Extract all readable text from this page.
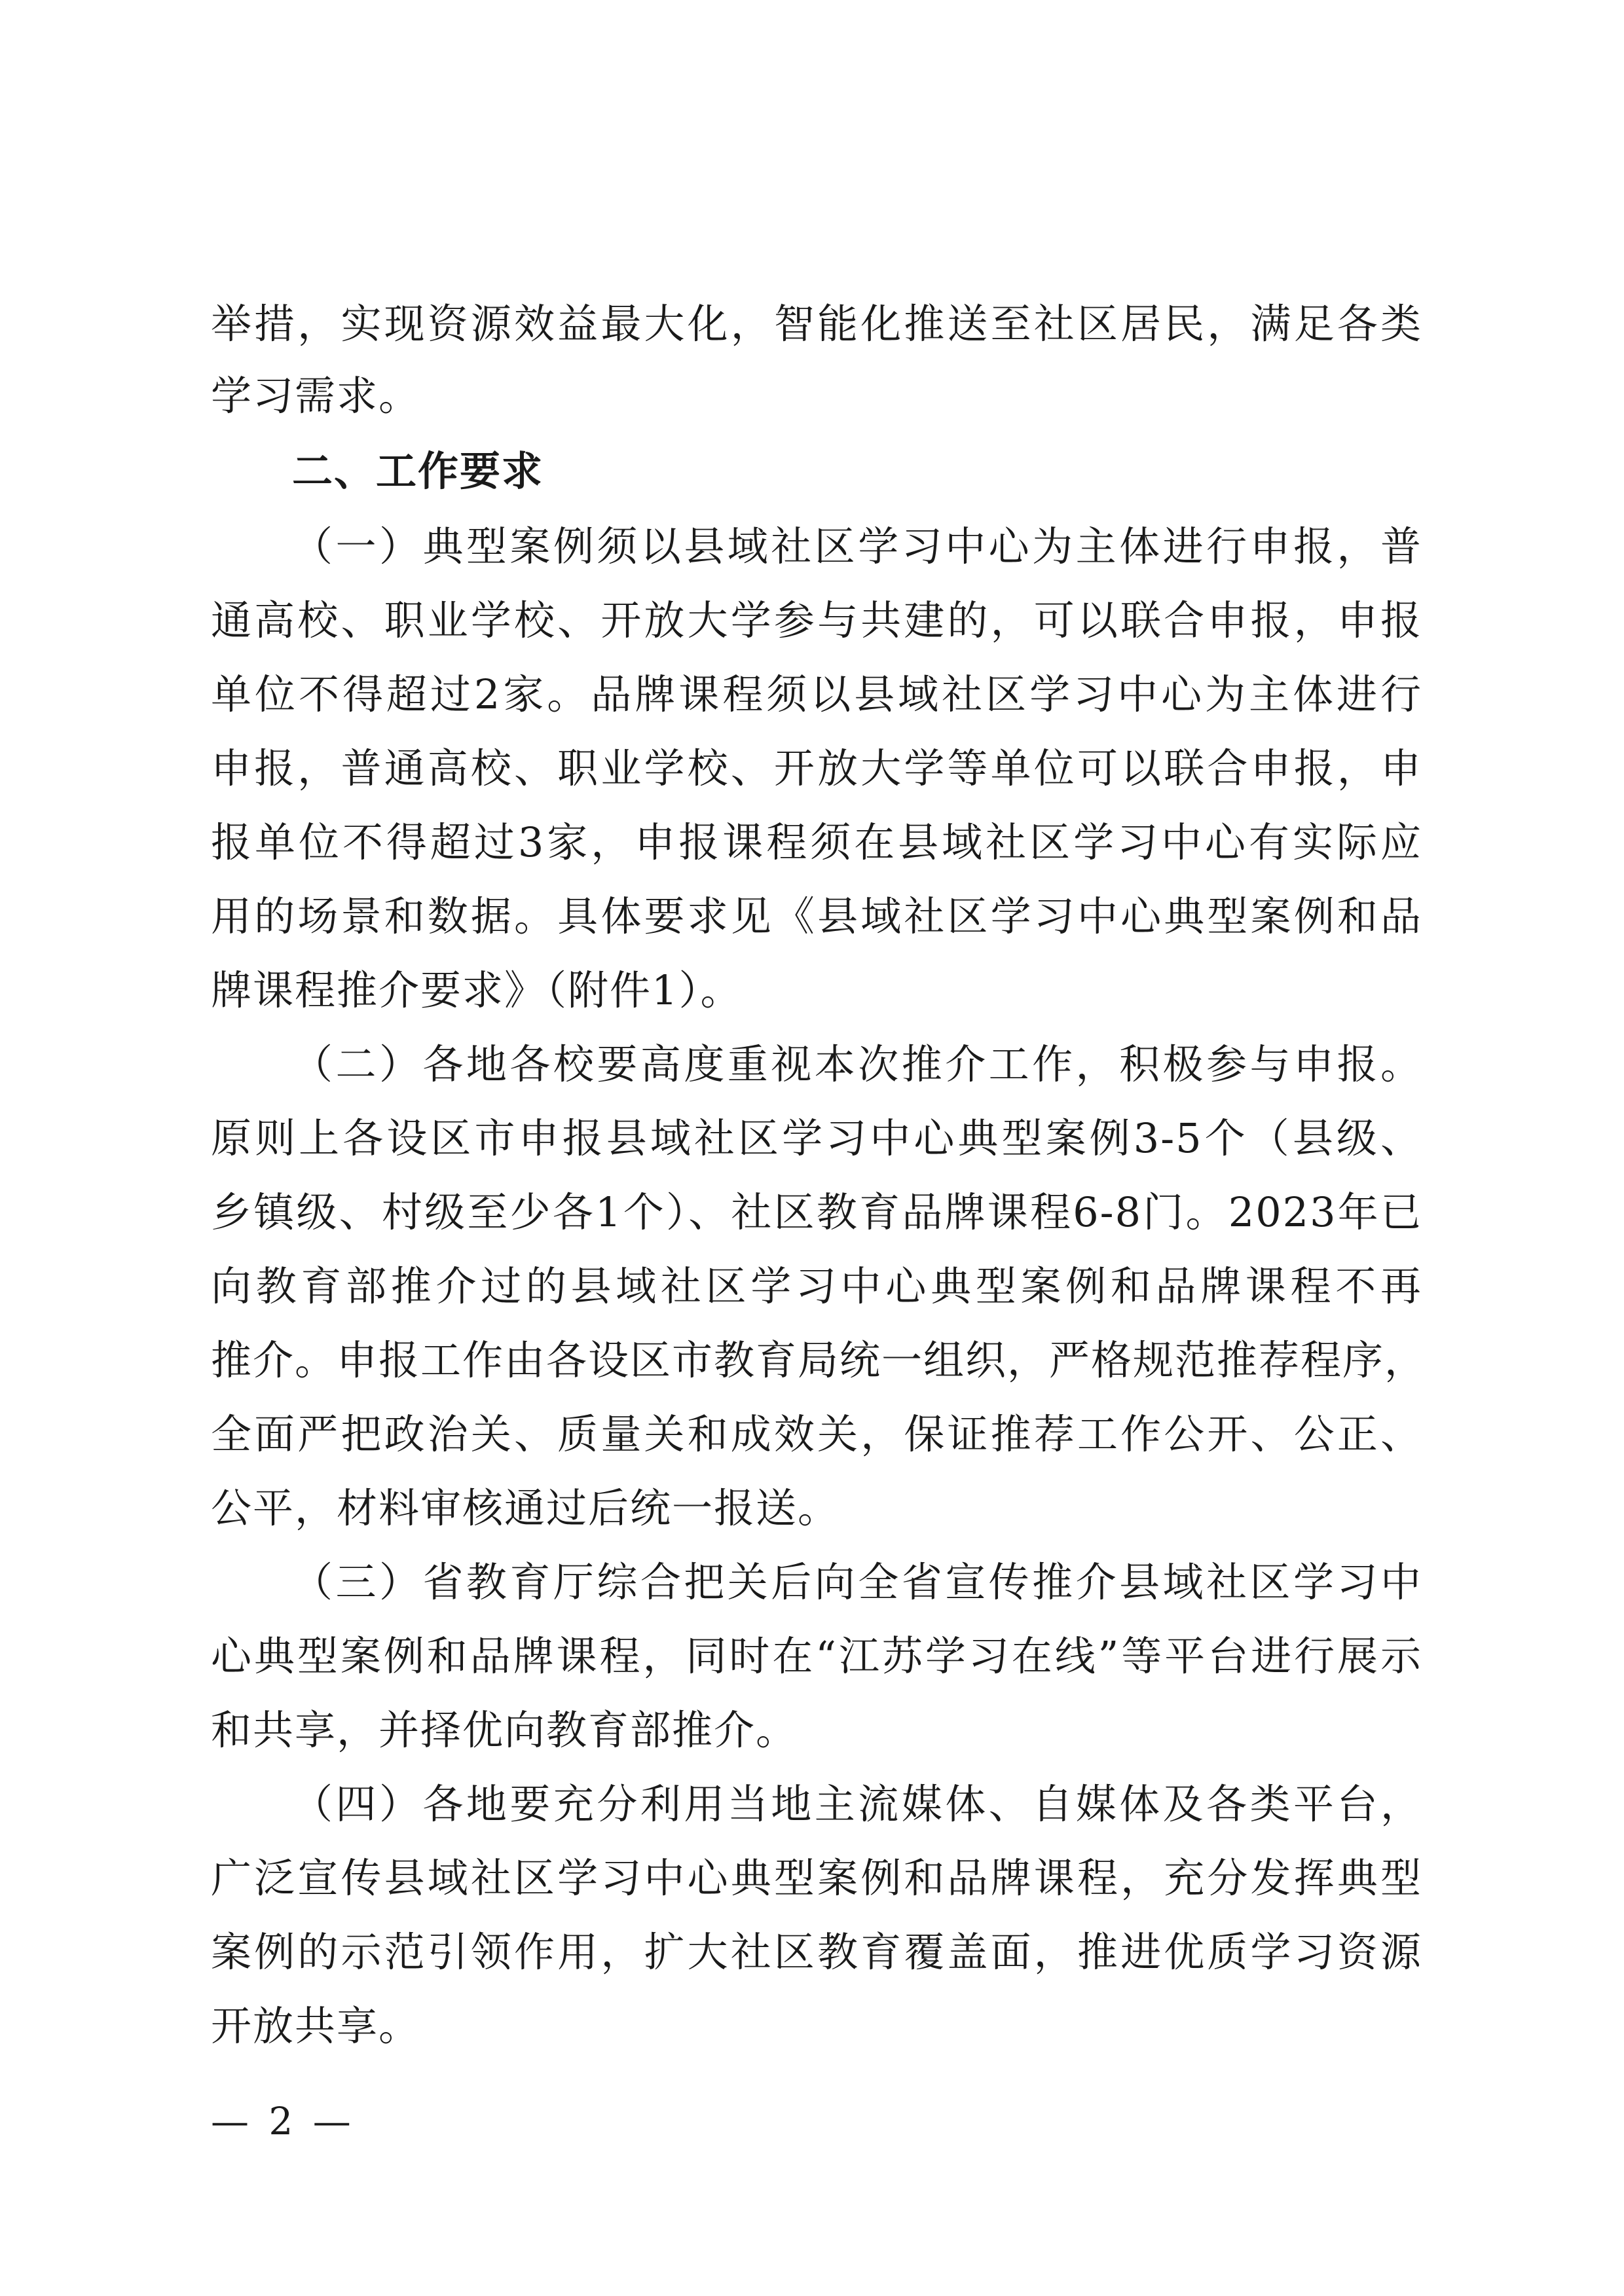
举措，实现资源效益最大化，智能化推送至社区居民，满足各类
学习需求。
二、工作要求
（一）典型案例须以县域社区学习中心为主体进行申报，普
通高校、职业学校、开放大学参与共建的，可以联合申报，申报
单位不得超过2家。品牌课程须以县域社区学习中心为主体进行
申报，普通高校、职业学校、开放大学等单位可以联合申报，申
报单位不得超过3家，申报课程须在县域社区学习中心有实际应
用的场景和数据。具体要求见《县域社区学习中心典型案例和品
牌课程推介要求》（附件1）。
（二）各地各校要高度重视本次推介工作，积极参与申报。
原则上各设区市申报县域社区学习中心典型案例3-5个（县级、
乡镇级、村级至少各1个）、社区教育品牌课程6-8门。2023年已
向教育部推介过的县域社区学习中心典型案例和品牌课程不再
推介。申报工作由各设区市教育局统一组织，严格规范推荐程序，
全面严把政治关、质量关和成效关，保证推荐工作公开、公正、
公平，材料审核通过后统一报送。
（三）省教育厅综合把关后向全省宣传推介县域社区学习中
心典型案例和品牌课程，同时在“江苏学习在线”等平台进行展示
和共享，并择优向教育部推介。
（四）各地要充分利用当地主流媒体、自媒体及各类平台，
广泛宣传县域社区学习中心典型案例和品牌课程，充分发挥典型
案例的示范引领作用，扩大社区教育覆盖面，推进优质学习资源
开放共享。
— 2 —
